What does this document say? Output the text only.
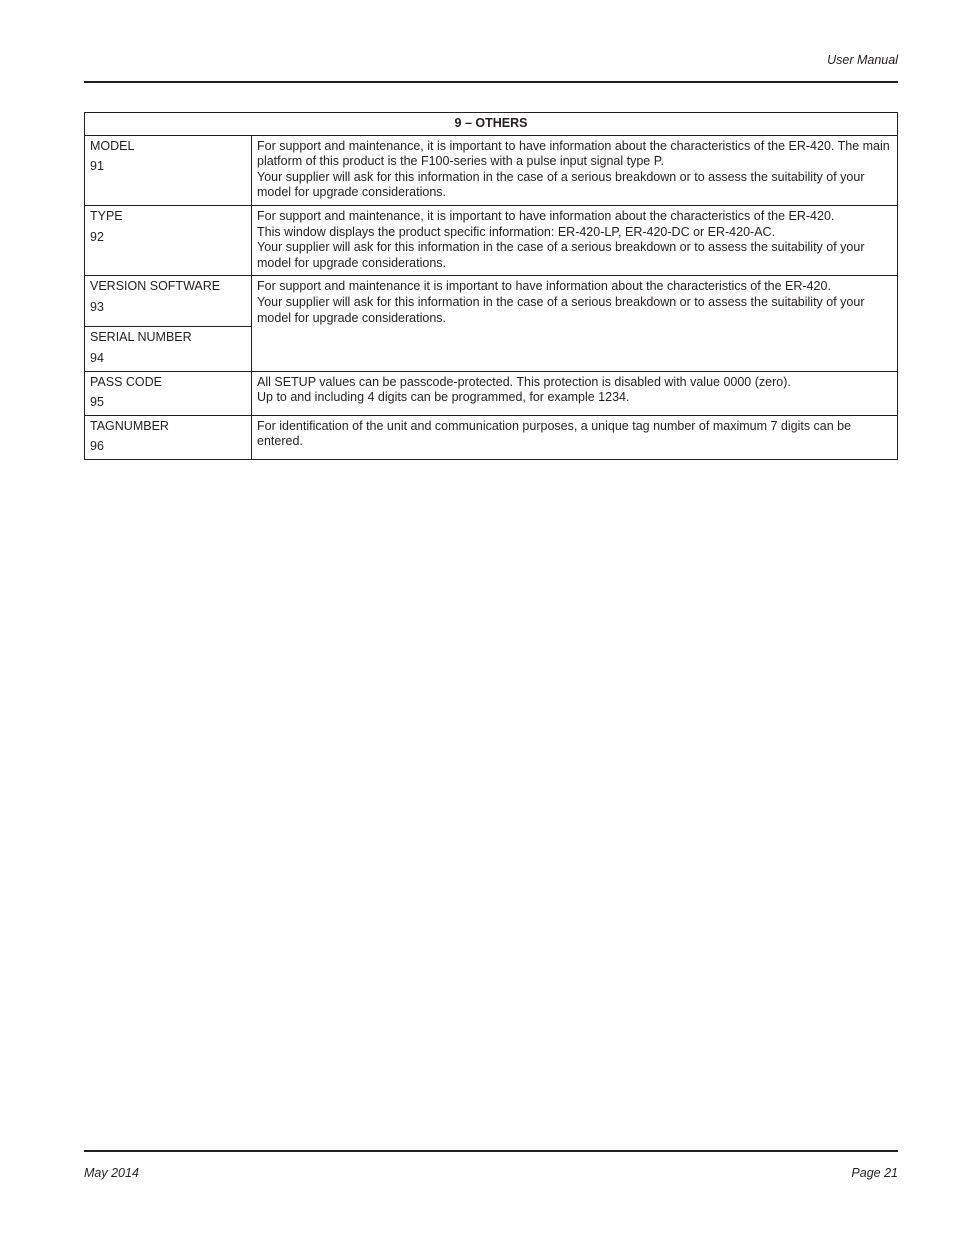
User Manual
9 – OTHERS	

MODEL
91	For support and maintenance, it is important to have information about the characteristics of the ER-420. The main platform of this product is the F100-series with a pulse input signal type P.
Your supplier will ask for this information in the case of a serious breakdown or to assess the suitability of your model for upgrade considerations.

TYPE
92	For support and maintenance, it is important to have information about the characteristics of the ER-420.
This window displays the product specific information: ER-420-LP, ER-420-DC or ER-420-AC.
Your supplier will ask for this information in the case of a serious breakdown or to assess the suitability of your model for upgrade considerations.

VERSION SOFTWARE
93	For support and maintenance it is important to have information about the characteristics of the ER-420.
Your supplier will ask for this information in the case of a serious breakdown or to assess the suitability of your model for upgrade considerations.

SERIAL NUMBER
94	

PASS CODE
95	All SETUP values can be passcode-protected. This protection is disabled with value 0000 (zero).
Up to and including 4 digits can be programmed, for example 1234.

TAGNUMBER
96	For identification of the unit and communication purposes, a unique tag number of maximum 7 digits can be entered.
May 2014	Page 21
